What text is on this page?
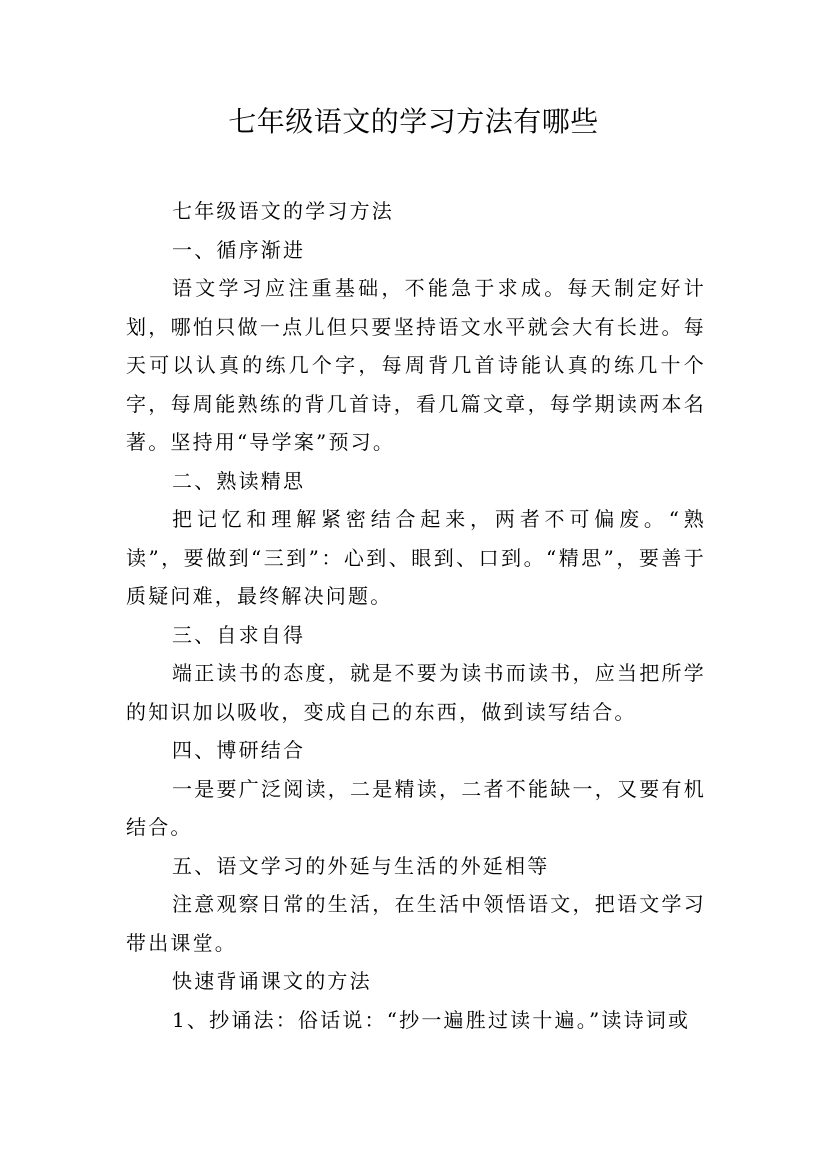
七年级语文的学习方法有哪些

七年级语文的学习方法

一、循序渐进

语文学习应注重基础，不能急于求成。每天制定好计划，哪怕只做一点儿但只要坚持语文水平就会大有长进。每天可以认真的练几个字，每周背几首诗能认真的练几十个字，每周能熟练的背几首诗，看几篇文章，每学期读两本名著。坚持用“导学案”预习。

二、熟读精思

把记忆和理解紧密结合起来，两者不可偏废。“熟读”，要做到“三到”：心到、眼到、口到。“精思”，要善于质疑问难，最终解决问题。

三、自求自得

端正读书的态度，就是不要为读书而读书，应当把所学的知识加以吸收，变成自己的东西，做到读写结合。

四、博研结合

一是要广泛阅读，二是精读，二者不能缺一，又要有机结合。

五、语文学习的外延与生活的外延相等

注意观察日常的生活，在生活中领悟语文，把语文学习带出课堂。

快速背诵课文的方法

1、抄诵法：俗话说：“抄一遍胜过读十遍。”读诗词或
